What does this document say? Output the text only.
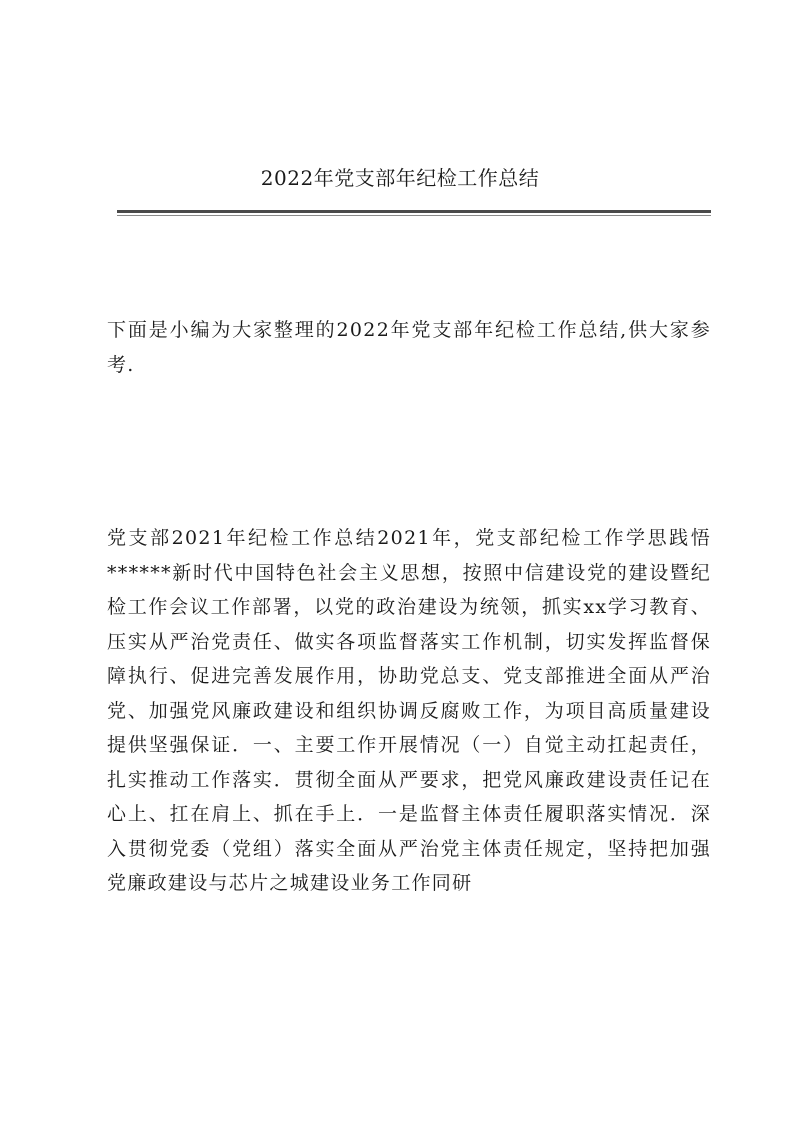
2022年党支部年纪检工作总结

下面是小编为大家整理的2022年党支部年纪检工作总结,供大家参考.

党支部2021年纪检工作总结2021年，党支部纪检工作学思践悟******新时代中国特色社会主义思想，按照中信建设党的建设暨纪检工作会议工作部署，以党的政治建设为统领，抓实xx学习教育、压实从严治党责任、做实各项监督落实工作机制，切实发挥监督保障执行、促进完善发展作用，协助党总支、党支部推进全面从严治党、加强党风廉政建设和组织协调反腐败工作，为项目高质量建设提供坚强保证．一、主要工作开展情况（一）自觉主动扛起责任，扎实推动工作落实．贯彻全面从严要求，把党风廉政建设责任记在心上、扛在肩上、抓在手上．一是监督主体责任履职落实情况．深入贯彻党委（党组）落实全面从严治党主体责任规定，坚持把加强党廉政建设与芯片之城建设业务工作同研
